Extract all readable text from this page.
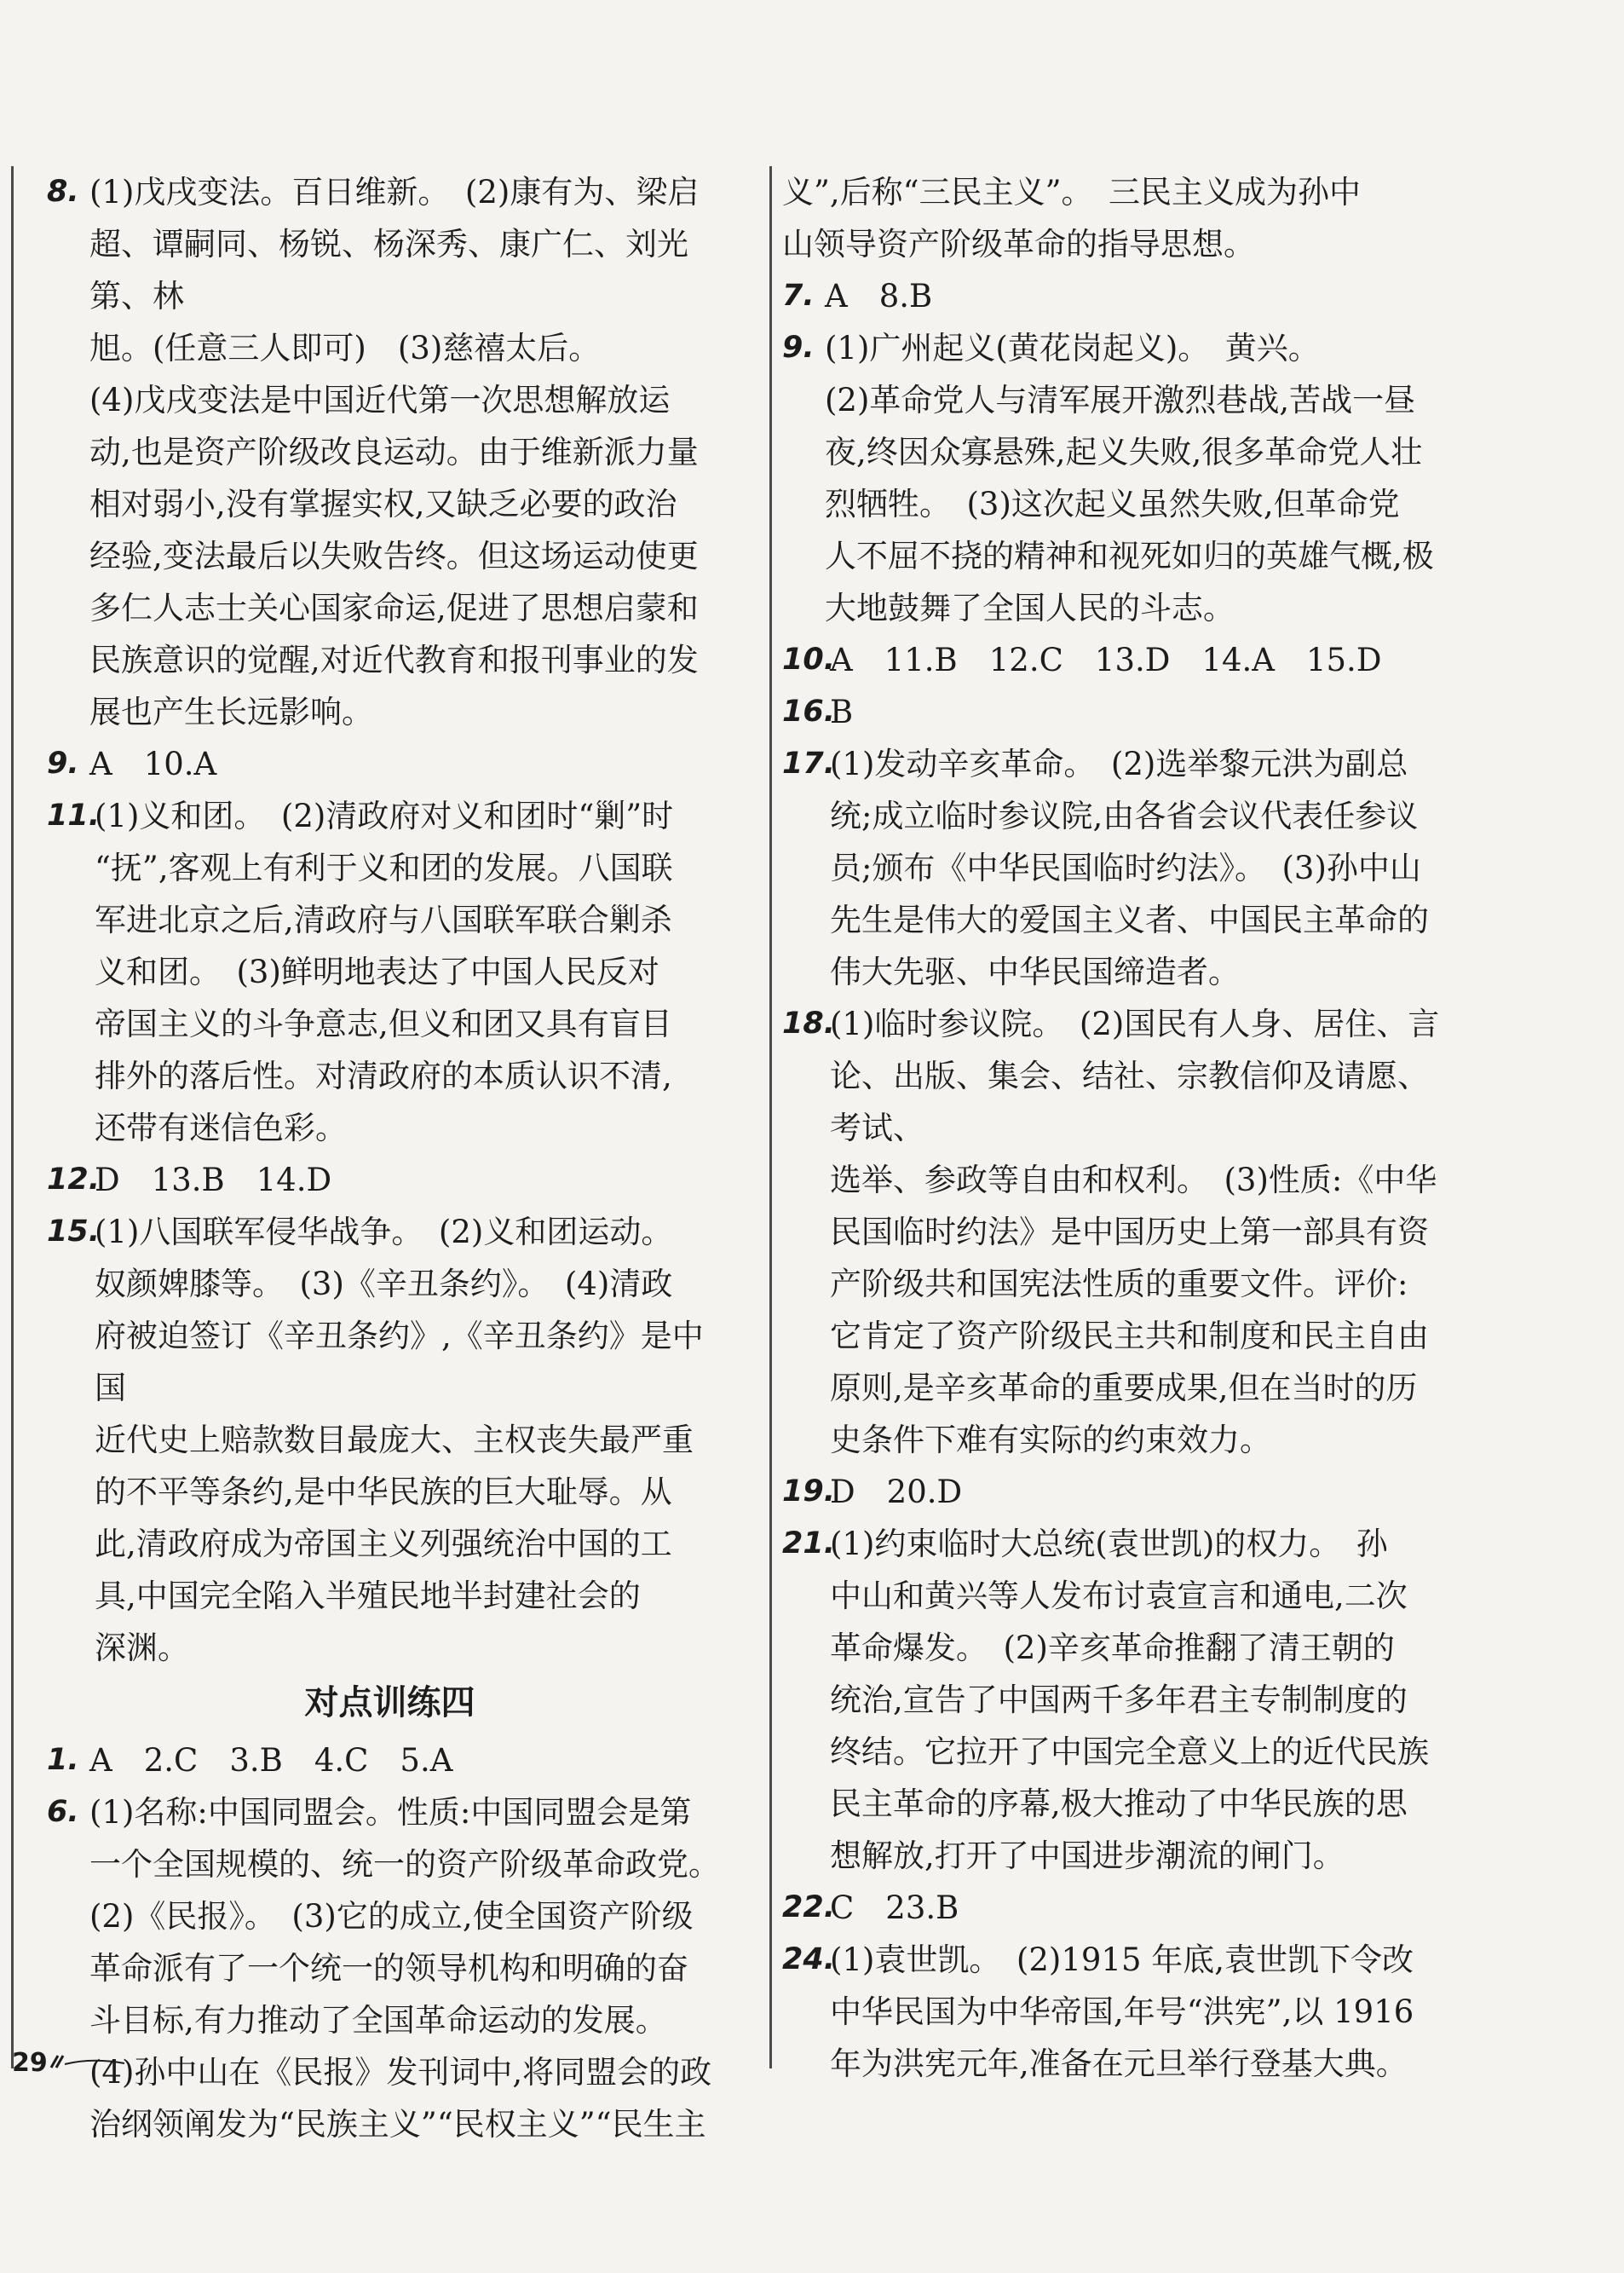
8. (1)戊戌变法。百日维新。　(2)康有为、梁启
超、谭嗣同、杨锐、杨深秀、康广仁、刘光第、林
旭。(任意三人即可)　(3)慈禧太后。
(4)戊戌变法是中国近代第一次思想解放运
动,也是资产阶级改良运动。由于维新派力量
相对弱小,没有掌握实权,又缺乏必要的政治
经验,变法最后以失败告终。但这场运动使更
多仁人志士关心国家命运,促进了思想启蒙和
民族意识的觉醒,对近代教育和报刊事业的发
展也产生长远影响。
9. A　10.A
11.
(1)义和团。　(2)清政府对义和团时“剿”时
“抚”,客观上有利于义和团的发展。八国联
军进北京之后,清政府与八国联军联合剿杀
义和团。　(3)鲜明地表达了中国人民反对
帝国主义的斗争意志,但义和团又具有盲目
排外的落后性。对清政府的本质认识不清,
还带有迷信色彩。
12.
D　13.B　14.D
15.
(1)八国联军侵华战争。　(2)义和团运动。
奴颜婢膝等。　(3)《辛丑条约》。　(4)清政
府被迫签订《辛丑条约》,《辛丑条约》是中国
近代史上赔款数目最庞大、主权丧失最严重
的不平等条约,是中华民族的巨大耻辱。从
此,清政府成为帝国主义列强统治中国的工
具,中国完全陷入半殖民地半封建社会的
深渊。
对点训练四
1. A　2.C　3.B　4.C　5.A
6. (1)名称:中国同盟会。性质:中国同盟会是第
一个全国规模的、统一的资产阶级革命政党。
(2)《民报》。　(3)它的成立,使全国资产阶级
革命派有了一个统一的领导机构和明确的奋
斗目标,有力推动了全国革命运动的发展。
(4)孙中山在《民报》发刊词中,将同盟会的政
治纲领阐发为“民族主义”“民权主义”“民生主
义”,后称“三民主义”。　三民主义成为孙中
山领导资产阶级革命的指导思想。
7. A　8.B
9. (1)广州起义(黄花岗起义)。　黄兴。
(2)革命党人与清军展开激烈巷战,苦战一昼
夜,终因众寡悬殊,起义失败,很多革命党人壮
烈牺牲。　(3)这次起义虽然失败,但革命党
人不屈不挠的精神和视死如归的英雄气概,极
大地鼓舞了全国人民的斗志。
10.
A　11.B　12.C　13.D　14.A　15.D
16.
B
17.
(1)发动辛亥革命。　(2)选举黎元洪为副总
统;成立临时参议院,由各省会议代表任参议
员;颁布《中华民国临时约法》。　(3)孙中山
先生是伟大的爱国主义者、中国民主革命的
伟大先驱、中华民国缔造者。
18.
(1)临时参议院。　(2)国民有人身、居住、言
论、出版、集会、结社、宗教信仰及请愿、考试、
选举、参政等自由和权利。　(3)性质:《中华
民国临时约法》是中国历史上第一部具有资
产阶级共和国宪法性质的重要文件。评价:
它肯定了资产阶级民主共和制度和民主自由
原则,是辛亥革命的重要成果,但在当时的历
史条件下难有实际的约束效力。
19.
D　20.D
21.
(1)约束临时大总统(袁世凯)的权力。　孙
中山和黄兴等人发布讨袁宣言和通电,二次
革命爆发。　(2)辛亥革命推翻了清王朝的
统治,宣告了中国两千多年君主专制制度的
终结。它拉开了中国完全意义上的近代民族
民主革命的序幕,极大推动了中华民族的思
想解放,打开了中国进步潮流的闸门。
22.
C　23.B
24.
(1)袁世凯。　(2)1915 年底,袁世凯下令改
中华民国为中华帝国,年号“洪宪”,以 1916
年为洪宪元年,准备在元旦举行登基大典。
29
